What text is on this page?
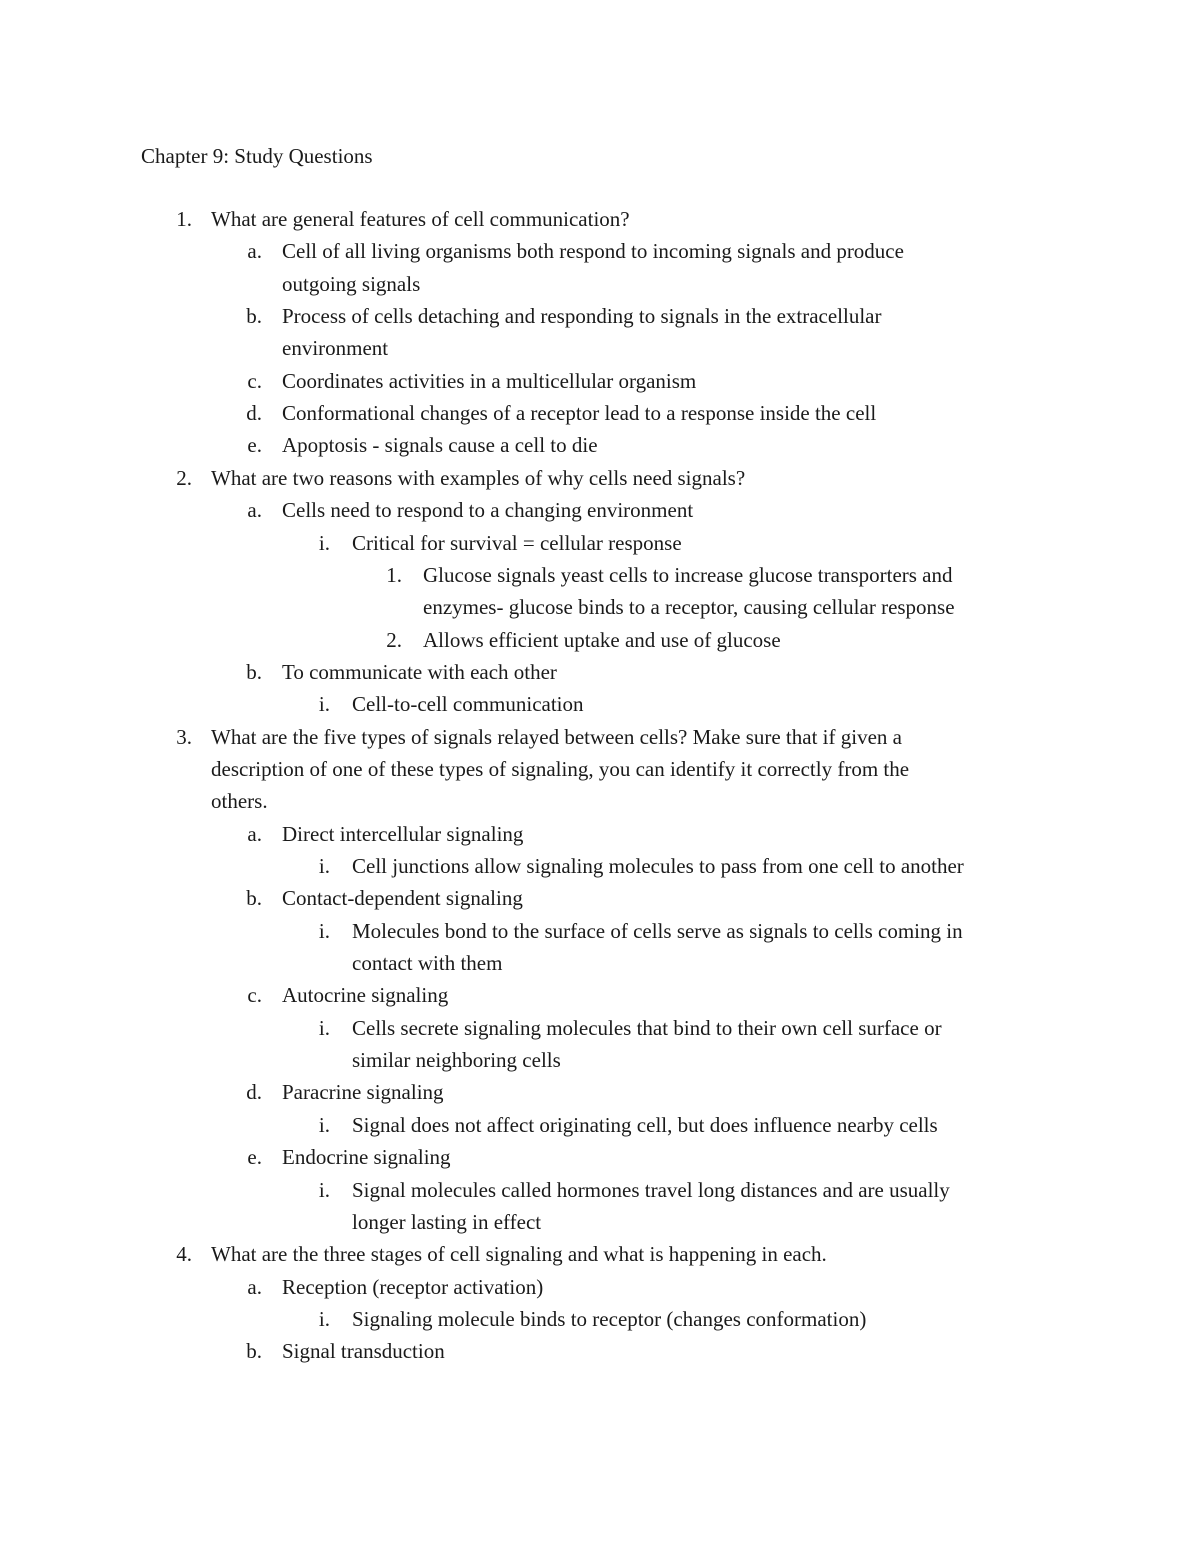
Chapter 9: Study Questions
1. What are general features of cell communication?
a. Cell of all living organisms both respond to incoming signals and produce
outgoing signals
b. Process of cells detaching and responding to signals in the extracellular
environment
c. Coordinates activities in a multicellular organism
d. Conformational changes of a receptor lead to a response inside the cell
e. Apoptosis - signals cause a cell to die
2. What are two reasons with examples of why cells need signals?
a. Cells need to respond to a changing environment
i. Critical for survival = cellular response
1. Glucose signals yeast cells to increase glucose transporters and
enzymes- glucose binds to a receptor, causing cellular response
2. Allows efficient uptake and use of glucose
b. To communicate with each other
i. Cell-to-cell communication
3. What are the five types of signals relayed between cells? Make sure that if given a
description of one of these types of signaling, you can identify it correctly from the
others.
a. Direct intercellular signaling
i. Cell junctions allow signaling molecules to pass from one cell to another
b. Contact-dependent signaling
i. Molecules bond to the surface of cells serve as signals to cells coming in
contact with them
c. Autocrine signaling
i. Cells secrete signaling molecules that bind to their own cell surface or
similar neighboring cells
d. Paracrine signaling
i. Signal does not affect originating cell, but does influence nearby cells
e. Endocrine signaling
i. Signal molecules called hormones travel long distances and are usually
longer lasting in effect
4. What are the three stages of cell signaling and what is happening in each.
a. Reception (receptor activation)
i. Signaling molecule binds to receptor (changes conformation)
b. Signal transduction
